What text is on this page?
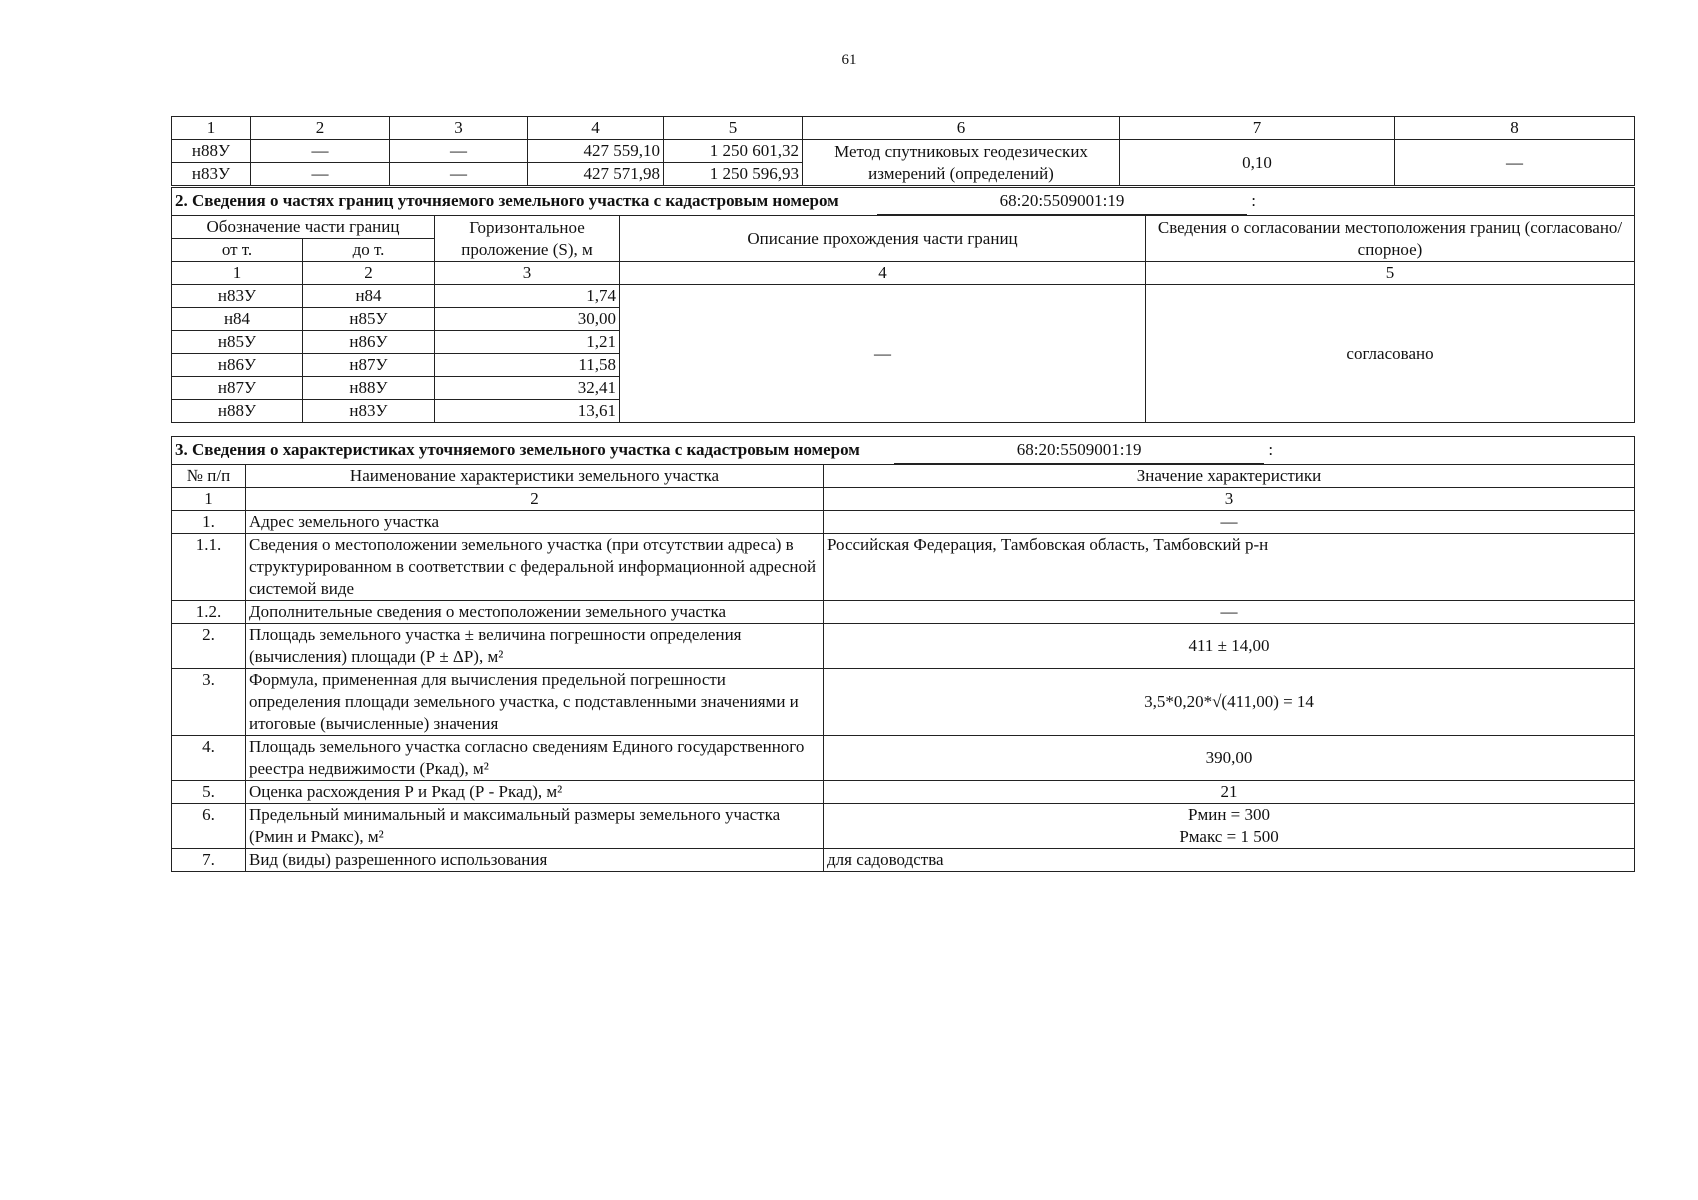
61
1	2	3	4	5	6	7	8
н88У	—	—	427 559,10	1 250 601,32	Метод спутниковых геодезических измерений (определений)	0,10	—
н83У	—	—	427 571,98	1 250 596,93			
2. Сведения о частях границ уточняемого земельного участка с кадастровым номером 68:20:5509001:19 :				
Обозначение части границ		Горизонтальное проложение (S), м	Описание прохождения части границ	Сведения о согласовании местоположения границ (согласовано/спорное)
от т.	до т.			
1	2	3	4	5
н83У	н84	1,74	—	согласовано
н84	н85У	30,00		
н85У	н86У	1,21		
н86У	н87У	11,58		
н87У	н88У	32,41		
н88У	н83У	13,61		
3. Сведения о характеристиках уточняемого земельного участка с кадастровым номером 68:20:5509001:19 :		
№ п/п	Наименование характеристики земельного участка	Значение характеристики
1	2	3
1.	Адрес земельного участка	—
1.1.	Сведения о местоположении земельного участка (при отсутствии адреса) в структурированном в соответствии с федеральной информационной адресной системой виде	Российская Федерация, Тамбовская область, Тамбовский р-н
1.2.	Дополнительные сведения о местоположении земельного участка	—
2.	Площадь земельного участка ± величина погрешности определения (вычисления) площади (Р ± ΔР), м²	411 ± 14,00
3.	Формула, примененная для вычисления предельной погрешности определения площади земельного участка, с подставленными значениями и итоговые (вычисленные) значения	3,5*0,20*√(411,00) = 14
4.	Площадь земельного участка согласно сведениям Единого государственного реестра недвижимости (Ркад), м²	390,00
5.	Оценка расхождения Р и Ркад (Р - Ркад), м²	21
6.	Предельный минимальный и максимальный размеры земельного участка (Рмин и Рмакс), м²	Рмин = 300
Рмакс = 1 500

7.	Вид (виды) разрешенного использования	для садоводства
